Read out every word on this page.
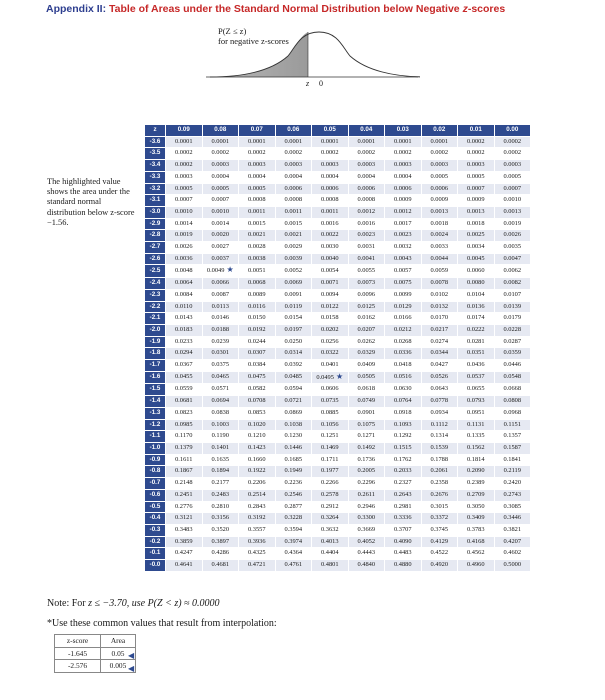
Appendix II: Table of Areas under the Standard Normal Distribution below Negative z-scores
P(Z ≤ z)
for negative z-scores
z 0
The highlighted value shows the area under the standard normal distribution below z-score −1.56.
z	0.09	0.08	0.07	0.06	0.05	0.04	0.03	0.02	0.01	0.00
-3.6	0.0001	0.0001	0.0001	0.0001	0.0001	0.0001	0.0001	0.0001	0.0002	0.0002
-3.5	0.0002	0.0002	0.0002	0.0002	0.0002	0.0002	0.0002	0.0002	0.0002	0.0002
-3.4	0.0002	0.0003	0.0003	0.0003	0.0003	0.0003	0.0003	0.0003	0.0003	0.0003
-3.3	0.0003	0.0004	0.0004	0.0004	0.0004	0.0004	0.0004	0.0005	0.0005	0.0005
-3.2	0.0005	0.0005	0.0005	0.0006	0.0006	0.0006	0.0006	0.0006	0.0007	0.0007
-3.1	0.0007	0.0007	0.0008	0.0008	0.0008	0.0008	0.0009	0.0009	0.0009	0.0010
-3.0	0.0010	0.0010	0.0011	0.0011	0.0011	0.0012	0.0012	0.0013	0.0013	0.0013
-2.9	0.0014	0.0014	0.0015	0.0015	0.0016	0.0016	0.0017	0.0018	0.0018	0.0019
-2.8	0.0019	0.0020	0.0021	0.0021	0.0022	0.0023	0.0023	0.0024	0.0025	0.0026
-2.7	0.0026	0.0027	0.0028	0.0029	0.0030	0.0031	0.0032	0.0033	0.0034	0.0035
-2.6	0.0036	0.0037	0.0038	0.0039	0.0040	0.0041	0.0043	0.0044	0.0045	0.0047
-2.5	0.0048	0.0049 ★	0.0051	0.0052	0.0054	0.0055	0.0057	0.0059	0.0060	0.0062
-2.4	0.0064	0.0066	0.0068	0.0069	0.0071	0.0073	0.0075	0.0078	0.0080	0.0082
-2.3	0.0084	0.0087	0.0089	0.0091	0.0094	0.0096	0.0099	0.0102	0.0104	0.0107
-2.2	0.0110	0.0113	0.0116	0.0119	0.0122	0.0125	0.0129	0.0132	0.0136	0.0139
-2.1	0.0143	0.0146	0.0150	0.0154	0.0158	0.0162	0.0166	0.0170	0.0174	0.0179
-2.0	0.0183	0.0188	0.0192	0.0197	0.0202	0.0207	0.0212	0.0217	0.0222	0.0228
-1.9	0.0233	0.0239	0.0244	0.0250	0.0256	0.0262	0.0268	0.0274	0.0281	0.0287
-1.8	0.0294	0.0301	0.0307	0.0314	0.0322	0.0329	0.0336	0.0344	0.0351	0.0359
-1.7	0.0367	0.0375	0.0384	0.0392	0.0401	0.0409	0.0418	0.0427	0.0436	0.0446
-1.6	0.0455	0.0465	0.0475	0.0485	0.0495 ★	0.0505	0.0516	0.0526	0.0537	0.0548
-1.5	0.0559	0.0571	0.0582	0.0594	0.0606	0.0618	0.0630	0.0643	0.0655	0.0668
-1.4	0.0681	0.0694	0.0708	0.0721	0.0735	0.0749	0.0764	0.0778	0.0793	0.0808
-1.3	0.0823	0.0838	0.0853	0.0869	0.0885	0.0901	0.0918	0.0934	0.0951	0.0968
-1.2	0.0985	0.1003	0.1020	0.1038	0.1056	0.1075	0.1093	0.1112	0.1131	0.1151
-1.1	0.1170	0.1190	0.1210	0.1230	0.1251	0.1271	0.1292	0.1314	0.1335	0.1357
-1.0	0.1379	0.1401	0.1423	0.1446	0.1469	0.1492	0.1515	0.1539	0.1562	0.1587
-0.9	0.1611	0.1635	0.1660	0.1685	0.1711	0.1736	0.1762	0.1788	0.1814	0.1841
-0.8	0.1867	0.1894	0.1922	0.1949	0.1977	0.2005	0.2033	0.2061	0.2090	0.2119
-0.7	0.2148	0.2177	0.2206	0.2236	0.2266	0.2296	0.2327	0.2358	0.2389	0.2420
-0.6	0.2451	0.2483	0.2514	0.2546	0.2578	0.2611	0.2643	0.2676	0.2709	0.2743
-0.5	0.2776	0.2810	0.2843	0.2877	0.2912	0.2946	0.2981	0.3015	0.3050	0.3085
-0.4	0.3121	0.3156	0.3192	0.3228	0.3264	0.3300	0.3336	0.3372	0.3409	0.3446
-0.3	0.3483	0.3520	0.3557	0.3594	0.3632	0.3669	0.3707	0.3745	0.3783	0.3821
-0.2	0.3859	0.3897	0.3936	0.3974	0.4013	0.4052	0.4090	0.4129	0.4168	0.4207
-0.1	0.4247	0.4286	0.4325	0.4364	0.4404	0.4443	0.4483	0.4522	0.4562	0.4602
-0.0	0.4641	0.4681	0.4721	0.4761	0.4801	0.4840	0.4880	0.4920	0.4960	0.5000
Note: For z ≤ −3.70, use P(Z < z) ≈ 0.0000
*Use these common values that result from interpolation:
z-score	Area
-1.645	0.05
-2.576	0.005
◀
◀
